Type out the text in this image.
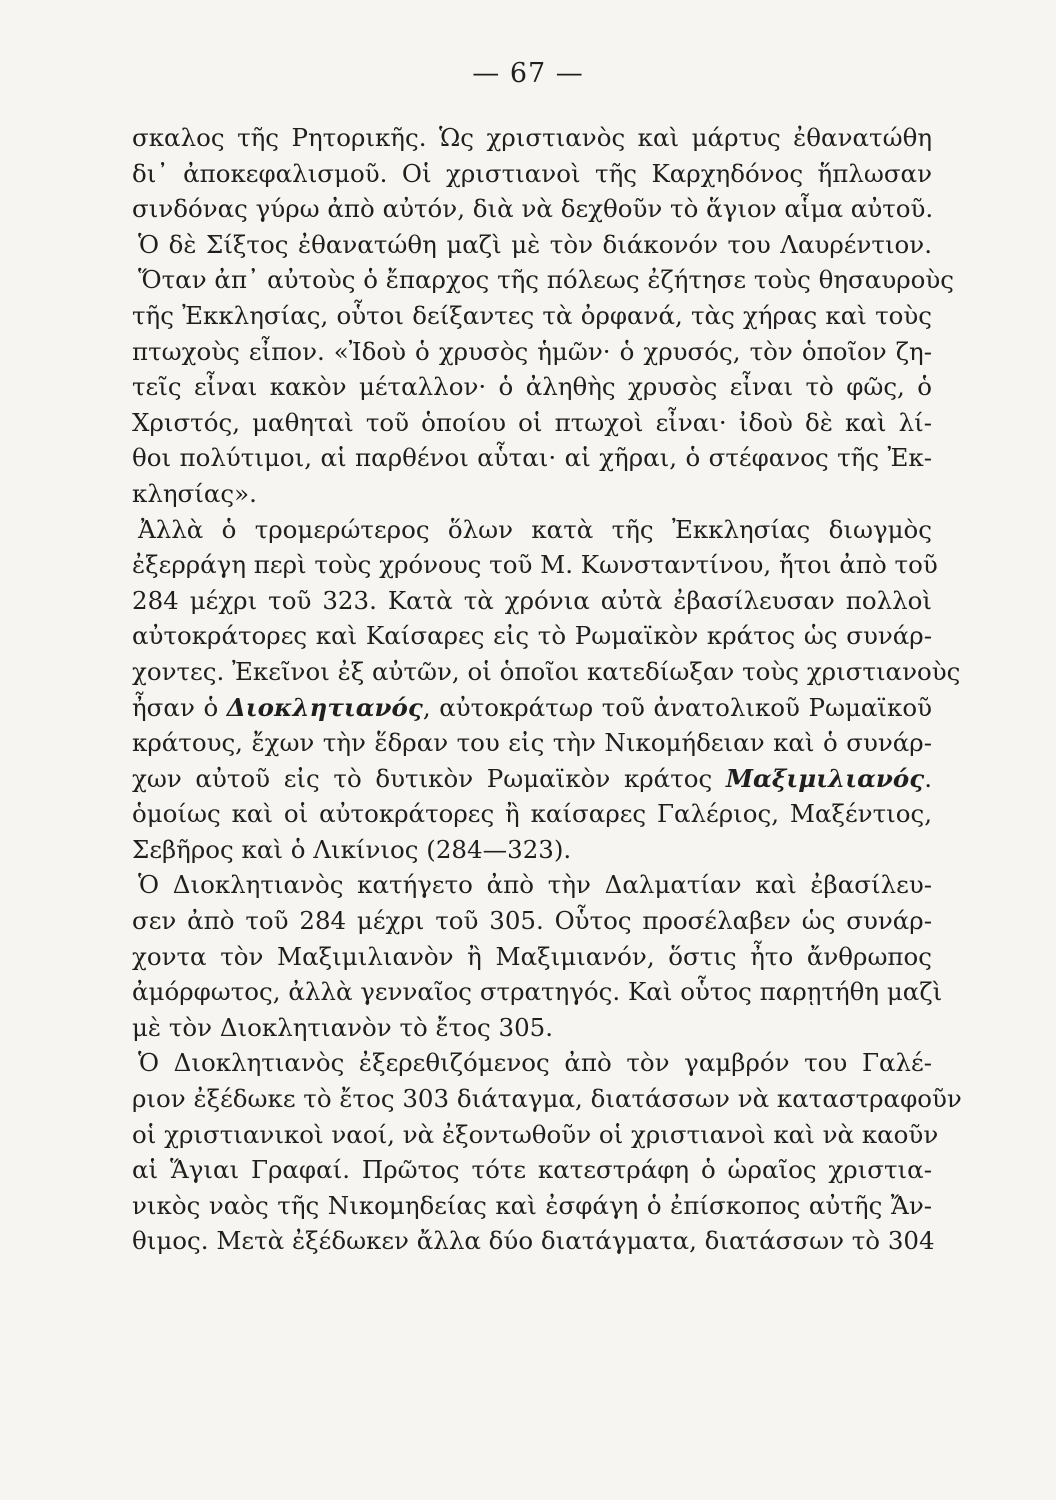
— 67 —
σκαλος τῆς Ρητορικῆς. Ὡς χριστιανὸς καὶ μάρτυς ἐθανατώθη
δι᾿ ἀποκεφαλισμοῦ. Οἱ χριστιανοὶ τῆς Καρχηδόνος ἥπλωσαν
σινδόνας γύρω ἀπὸ αὐτόν, διὰ νὰ δεχθοῦν τὸ ἅγιον αἷμα αὐτοῦ.
Ὁ δὲ Σίξτος ἐθανατώθη μαζὶ μὲ τὸν διάκονόν του Λαυρέντιον.
Ὅταν ἀπ᾿ αὐτοὺς ὁ ἔπαρχος τῆς πόλεως ἐζήτησε τοὺς θησαυροὺς
τῆς Ἐκκλησίας, οὗτοι δείξαντες τὰ ὀρφανά, τὰς χήρας καὶ τοὺς
πτωχοὺς εἶπον. «Ἰδοὺ ὁ χρυσὸς ἡμῶν· ὁ χρυσός, τὸν ὁποῖον ζη-
τεῖς εἶναι κακὸν μέταλλον· ὁ ἀληθὴς χρυσὸς εἶναι τὸ φῶς, ὁ
Χριστός, μαθηταὶ τοῦ ὁποίου οἱ πτωχοὶ εἶναι· ἰδοὺ δὲ καὶ λί-
θοι πολύτιμοι, αἱ παρθένοι αὗται· αἱ χῆραι, ὁ στέφανος τῆς Ἐκ-
κλησίας».
Ἀλλὰ ὁ τρομερώτερος ὅλων κατὰ τῆς Ἐκκλησίας διωγμὸς
ἐξερράγη περὶ τοὺς χρόνους τοῦ Μ. Κωνσταντίνου, ἤτοι ἀπὸ τοῦ
284 μέχρι τοῦ 323. Κατὰ τὰ χρόνια αὐτὰ ἐβασίλευσαν πολλοὶ
αὐτοκράτορες καὶ Καίσαρες εἰς τὸ Ρωμαϊκὸν κράτος ὡς συνάρ-
χοντες. Ἐκεῖνοι ἐξ αὐτῶν, οἱ ὁποῖοι κατεδίωξαν τοὺς χριστιανοὺς
ἦσαν ὁ Διοκλητιανός, αὐτοκράτωρ τοῦ ἀνατολικοῦ Ρωμαϊκοῦ
κράτους, ἔχων τὴν ἕδραν του εἰς τὴν Νικομήδειαν καὶ ὁ συνάρ-
χων αὐτοῦ εἰς τὸ δυτικὸν Ρωμαϊκὸν κράτος Μαξιμιλιανός.
ὁμοίως καὶ οἱ αὐτοκράτορες ἢ καίσαρες Γαλέριος, Μαξέντιος,
Σεβῆρος καὶ ὁ Λικίνιος (284—323).
Ὁ Διοκλητιανὸς κατήγετο ἀπὸ τὴν Δαλματίαν καὶ ἐβασίλευ-
σεν ἀπὸ τοῦ 284 μέχρι τοῦ 305. Οὗτος προσέλαβεν ὡς συνάρ-
χοντα τὸν Μαξιμιλιανὸν ἢ Μαξιμιανόν, ὅστις ἦτο ἄνθρωπος
ἀμόρφωτος, ἀλλὰ γενναῖος στρατηγός. Καὶ οὗτος παρῃτήθη μαζὶ
μὲ τὸν Διοκλητιανὸν τὸ ἔτος 305.
Ὁ Διοκλητιανὸς ἐξερεθιζόμενος ἀπὸ τὸν γαμβρόν του Γαλέ-
ριον ἐξέδωκε τὸ ἔτος 303 διάταγμα, διατάσσων νὰ καταστραφοῦν
οἱ χριστιανικοὶ ναοί, νὰ ἐξοντωθοῦν οἱ χριστιανοὶ καὶ νὰ καοῦν
αἱ Ἅγιαι Γραφαί. Πρῶτος τότε κατεστράφη ὁ ὡραῖος χριστια-
νικὸς ναὸς τῆς Νικομηδείας καὶ ἐσφάγη ὁ ἐπίσκοπος αὐτῆς Ἄν-
θιμος. Μετὰ ἐξέδωκεν ἄλλα δύο διατάγματα, διατάσσων τὸ 304
